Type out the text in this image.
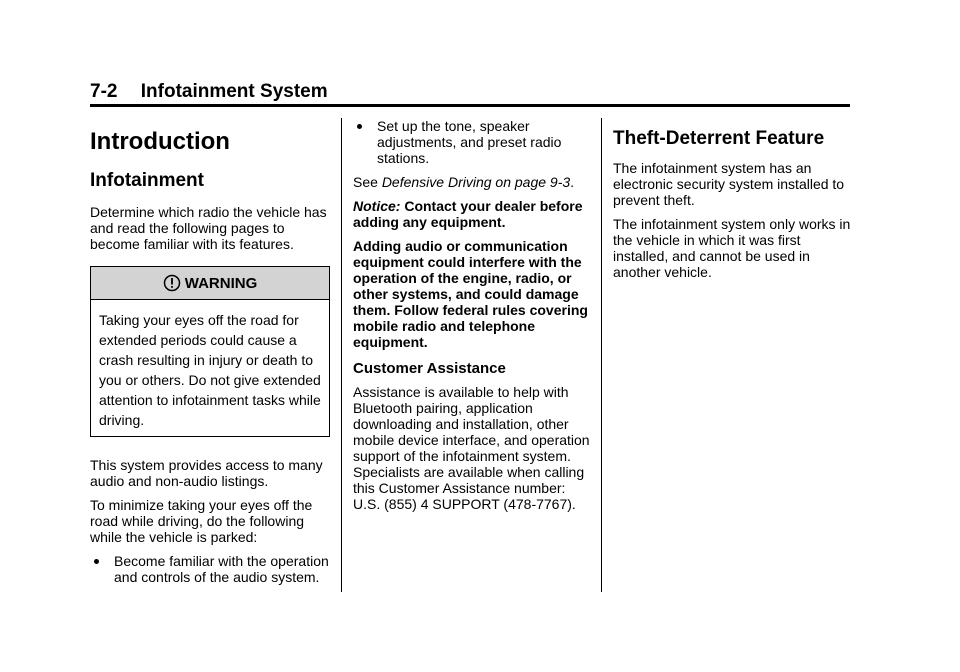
7-2 Infotainment System
Introduction
Infotainment

Determine which radio the vehicle has and read the following pages to become familiar with its features.

WARNING
Taking your eyes off the road for extended periods could cause a crash resulting in injury or death to you or others. Do not give extended attention to infotainment tasks while driving.

This system provides access to many audio and non-audio listings.

To minimize taking your eyes off the road while driving, do the following while the vehicle is parked:

Become familiar with the operation and controls of the audio system.
Set up the tone, speaker adjustments, and preset radio stations.

See Defensive Driving on page 9-3.

Notice: Contact your dealer before adding any equipment.

Adding audio or communication equipment could interfere with the operation of the engine, radio, or other systems, and could damage them. Follow federal rules covering mobile radio and telephone equipment.

Customer Assistance

Assistance is available to help with Bluetooth pairing, application downloading and installation, other mobile device interface, and operation support of the infotainment system. Specialists are available when calling this Customer Assistance number:

U.S. (855) 4 SUPPORT (478-7767).

Theft-Deterrent Feature

The infotainment system has an electronic security system installed to prevent theft.

The infotainment system only works in the vehicle in which it was first installed, and cannot be used in another vehicle.
